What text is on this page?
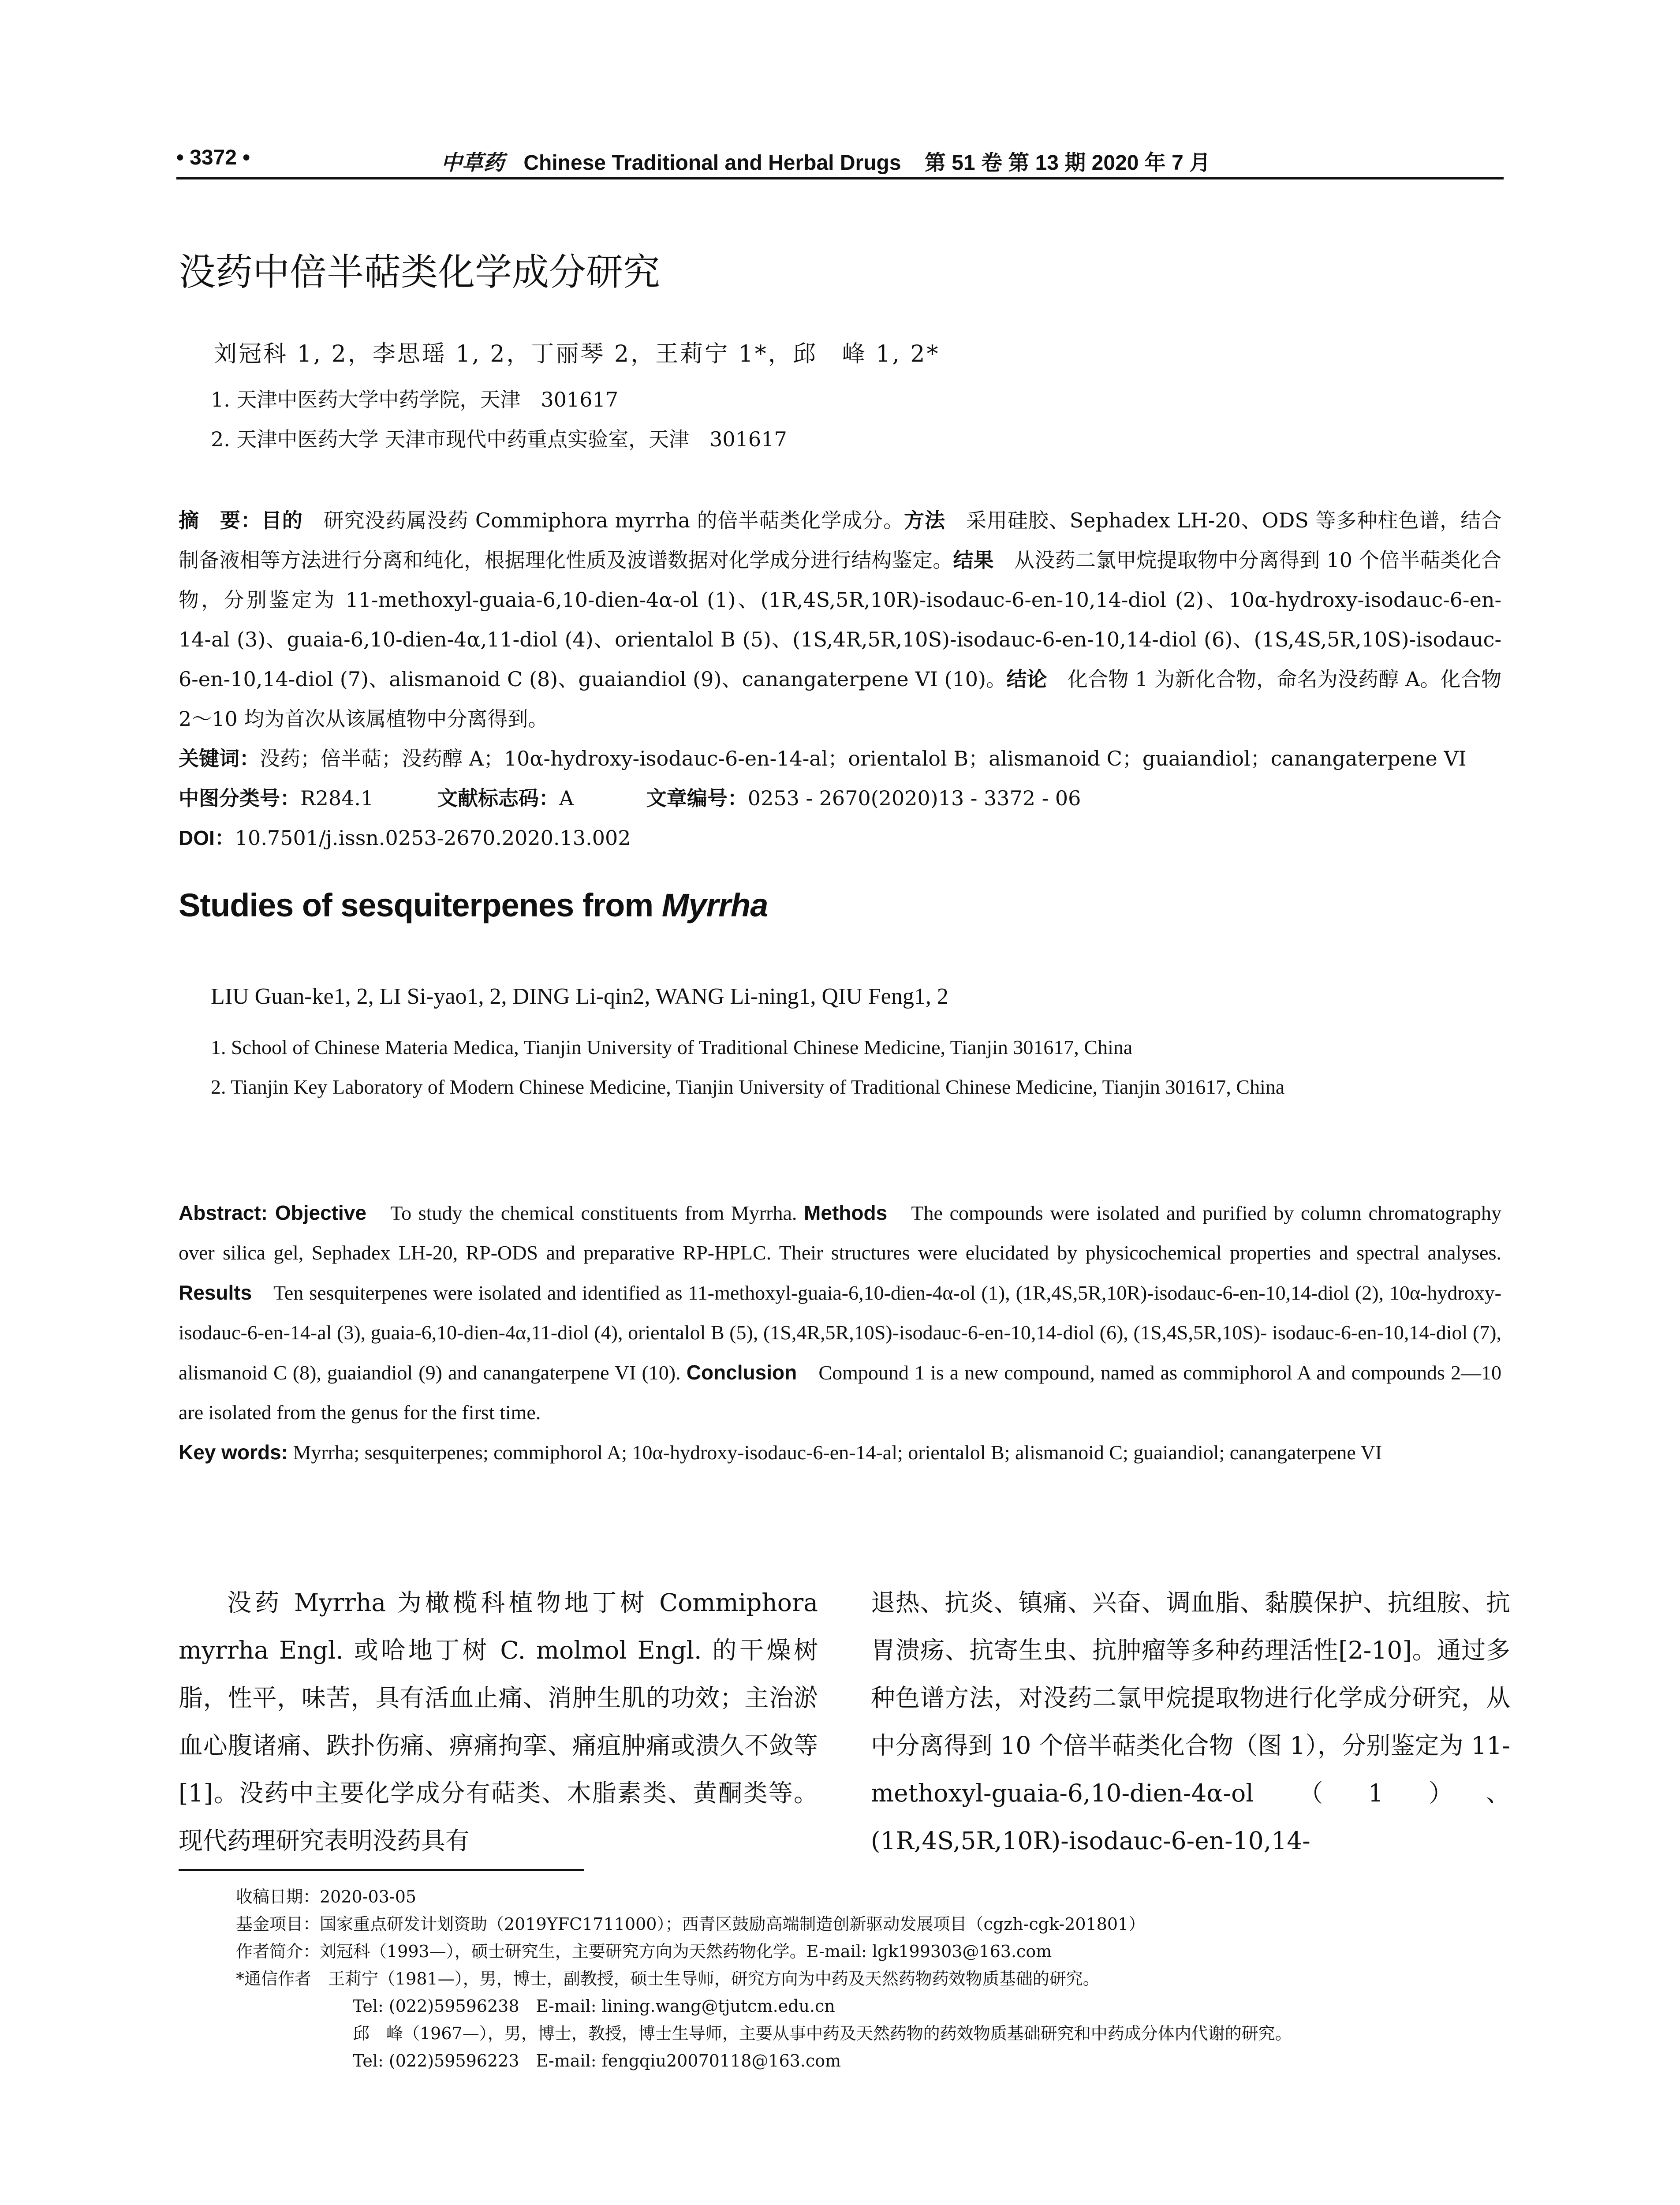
• 3372 •	中草药 Chinese Traditional and Herbal Drugs 第 51 卷 第 13 期 2020 年 7 月
没药中倍半萜类化学成分研究
刘冠科 1, 2，李思瑶 1, 2，丁丽琴 2，王莉宁 1*，邱　峰 1, 2*
1. 天津中医药大学中药学院，天津　301617
2. 天津中医药大学 天津市现代中药重点实验室，天津　301617

摘　要：目的　 研究没药属没药 Commiphora myrrha 的倍半萜类化学成分。方法　 采用硅胶、Sephadex LH-20、ODS 等多种柱色谱，结合制备液相等方法进行分离和纯化，根据理化性质及波谱数据对化学成分进行结构鉴定。结果　 从没药二氯甲烷提取物中分离得到 10 个倍半萜类化合物，分别鉴定为 11-methoxyl-guaia-6,10-dien-4α-ol (1)、(1R,4S,5R,10R)-isodauc-6-en-10,14-diol (2)、10α-hydroxy-isodauc-6-en-14-al (3)、guaia-6,10-dien-4α,11-diol (4)、orientalol B (5)、(1S,4R,5R,10S)-isodauc-6-en-10,14-diol (6)、(1S,4S,5R,10S)-isodauc-6-en-10,14-diol (7)、alismanoid C (8)、guaiandiol (9)、canangaterpene VI (10)。结论　 化合物 1 为新化合物，命名为没药醇 A。化合物 2～10 均为首次从该属植物中分离得到。

关键词：没药；倍半萜；没药醇 A；10α-hydroxy-isodauc-6-en-14-al；orientalol B；alismanoid C；guaiandiol；canangaterpene VI

中图分类号：R284.1	文献标志码：A	文章编号：0253 - 2670(2020)13 - 3372 - 06

DOI：10.7501/j.issn.0253-2670.2020.13.002

Studies of sesquiterpenes from Myrrha
LIU Guan-ke1, 2, LI Si-yao1, 2, DING Li-qin2, WANG Li-ning1, QIU Feng1, 2
1. School of Chinese Materia Medica, Tianjin University of Traditional Chinese Medicine, Tianjin 301617, China
2. Tianjin Key Laboratory of Modern Chinese Medicine, Tianjin University of Traditional Chinese Medicine, Tianjin 301617, China

Abstract: Objective　 To study the chemical constituents from Myrrha. Methods　 The compounds were isolated and purified by column chromatography over silica gel, Sephadex LH-20, RP-ODS and preparative RP-HPLC. Their structures were elucidated by physicochemical properties and spectral analyses. Results　 Ten sesquiterpenes were isolated and identified as 11-methoxyl-guaia-6,10-dien-4α-ol (1), (1R,4S,5R,10R)-isodauc-6-en-10,14-diol (2), 10α-hydroxy-isodauc-6-en-14-al (3), guaia-6,10-dien-4α,11-diol (4), orientalol B (5), (1S,4R,5R,10S)-isodauc-6-en-10,14-diol (6), (1S,4S,5R,10S)- isodauc-6-en-10,14-diol (7), alismanoid C (8), guaiandiol (9) and canangaterpene VI (10). Conclusion　 Compound 1 is a new compound, named as commiphorol A and compounds 2—10 are isolated from the genus for the first time.

Key words: Myrrha; sesquiterpenes; commiphorol A; 10α-hydroxy-isodauc-6-en-14-al; orientalol B; alismanoid C; guaiandiol; canangaterpene VI

没药 Myrrha 为橄榄科植物地丁树 Commiphora myrrha Engl. 或哈地丁树 C. molmol Engl. 的干燥树脂，性平，味苦，具有活血止痛、消肿生肌的功效；主治淤血心腹诸痛、跌扑伤痛、痹痛拘挛、痛疽肿痛或溃久不敛等[1]。没药中主要化学成分有萜类、木脂素类、黄酮类等。现代药理研究表明没药具有
退热、抗炎、镇痛、兴奋、调血脂、黏膜保护、抗组胺、抗胃溃疡、抗寄生虫、抗肿瘤等多种药理活性[2-10]。通过多种色谱方法，对没药二氯甲烷提取物进行化学成分研究，从中分离得到 10 个倍半萜类化合物（图 1），分别鉴定为 11-methoxyl-guaia-6,10-dien-4α-ol（1）、(1R,4S,5R,10R)-isodauc-6-en-10,14-
收稿日期：2020-03-05
基金项目：国家重点研发计划资助（2019YFC1711000）；西青区鼓励高端制造创新驱动发展项目（cgzh-cgk-201801）
作者简介：刘冠科（1993—），硕士研究生，主要研究方向为天然药物化学。E-mail: lgk199303@163.com
*通信作者　王莉宁（1981—），男，博士，副教授，硕士生导师，研究方向为中药及天然药物药效物质基础的研究。
Tel: (022)59596238　E-mail: lining.wang@tjutcm.edu.cn
邱　峰（1967—），男，博士，教授，博士生导师，主要从事中药及天然药物的药效物质基础研究和中药成分体内代谢的研究。
Tel: (022)59596223　E-mail: fengqiu20070118@163.com
